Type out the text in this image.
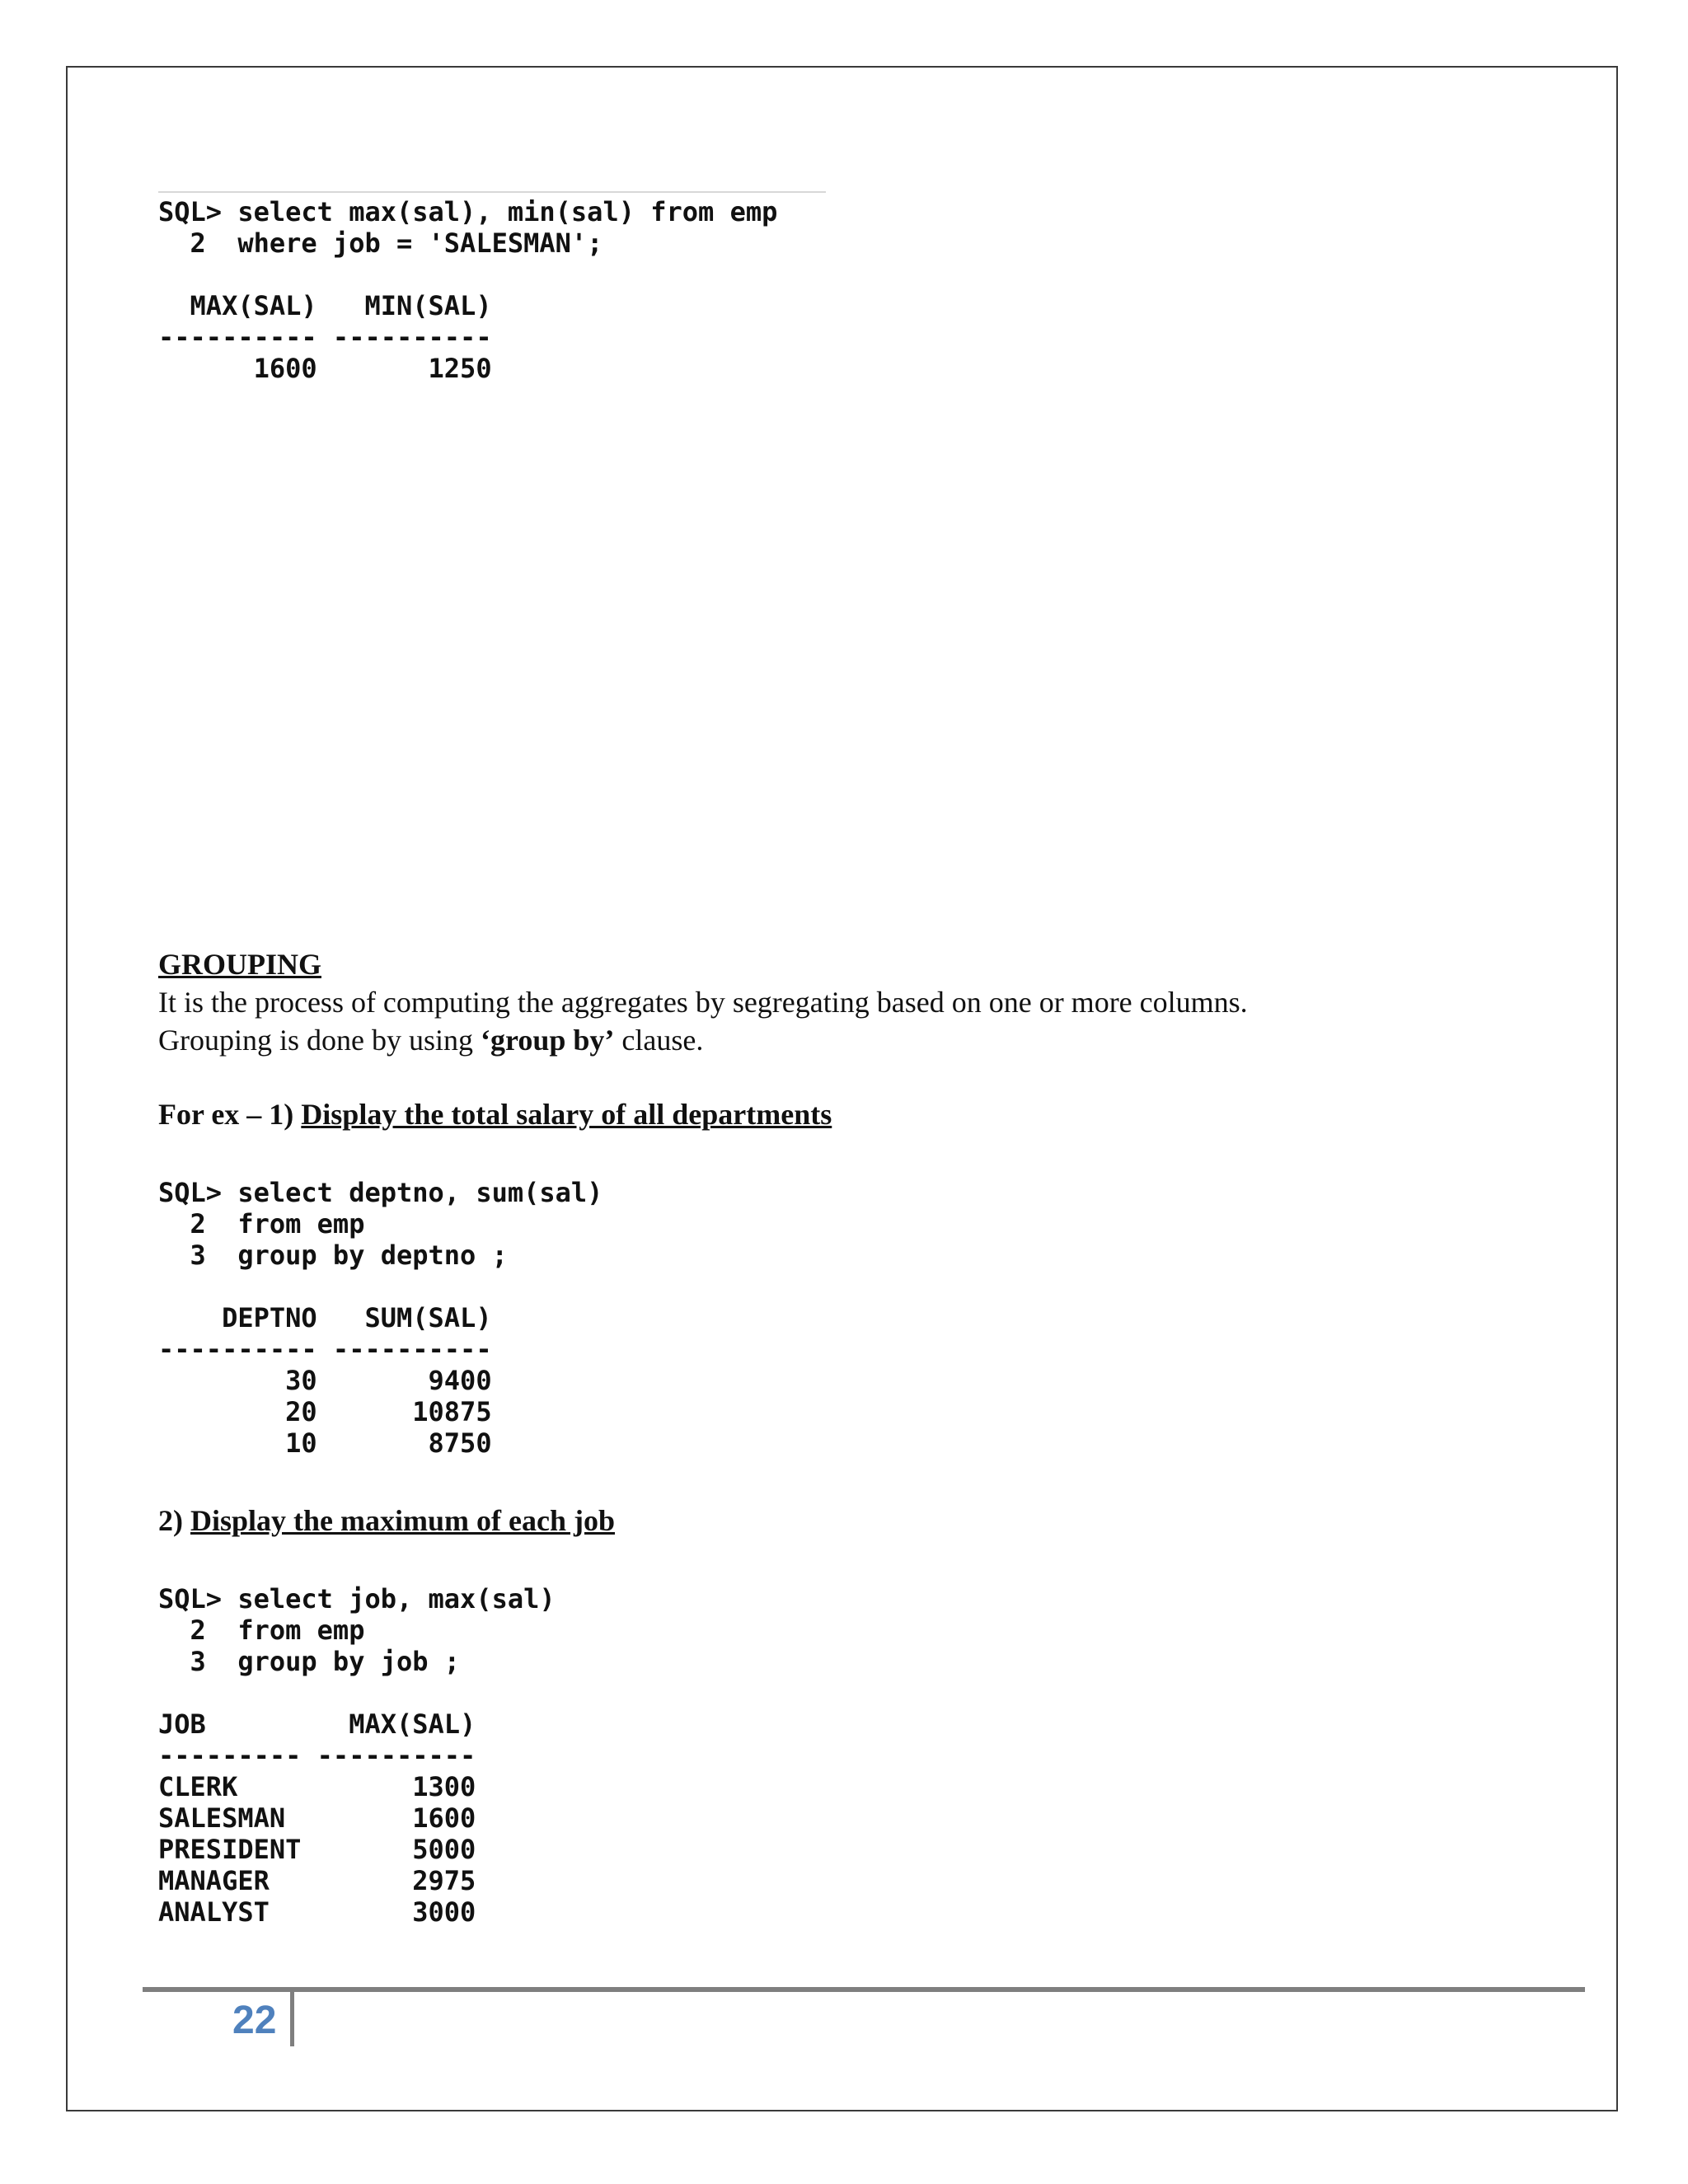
SQL> select max(sal), min(sal) from emp
2  where job = 'SALESMAN';
MAX(SAL)   MIN(SAL)
---------- ----------
1600       1250
GROUPING
It is the process of computing the aggregates by segregating based on one or more columns.
Grouping is done by using ‘group by’ clause.
For ex – 1) Display the total salary of all departments
SQL> select deptno, sum(sal)
2  from emp
3  group by deptno ;
DEPTNO   SUM(SAL)
---------- ----------
30       9400
20      10875
10       8750
2) Display the maximum of each job
SQL> select job, max(sal)
2  from emp
3  group by job ;
JOB         MAX(SAL)
--------- ----------
CLERK           1300
SALESMAN        1600
PRESIDENT       5000
MANAGER         2975
ANALYST         3000
22
